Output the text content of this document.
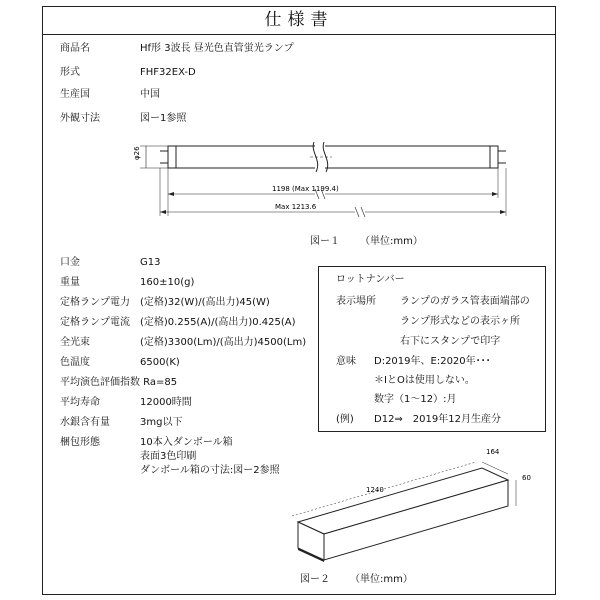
仕様書
商品名	Hf形 3波長 昼光色直管蛍光ランプ
形式	FHF32EX-D
生産国	中国
外観寸法	図ー1参照
φ26
1198 (Max 1199.4)
Max 1213.6
図ー１ （単位:mm）
口金	G13
重量	160±10(g)
定格ランプ電力 (定格)32(W)/(高出力)45(W)
定格ランプ電流 (定格)0.255(A)/(高出力)0.425(A)
全光束	(定格)3300(Lm)/(高出力)4500(Lm)
色温度	6500(K)
平均演色評価指数 Ra=85
平均寿命	12000時間
水銀含有量	3mg以下
梱包形態	10本入ダンボール箱
表面3色印刷
ダンボール箱の寸法:図ー2参照
ロットナンバー
表示場所 ランプのガラス管表面端部の
ランプ形式などの表示ヶ所
右下にスタンプで印字
意味 D:2019年、E:2020年･･･
＊IとOは使用しない。
数字（1〜12）:月
(例) D12⇒　2019年12月生産分
1240
164
60
図ー２ （単位:mm）
